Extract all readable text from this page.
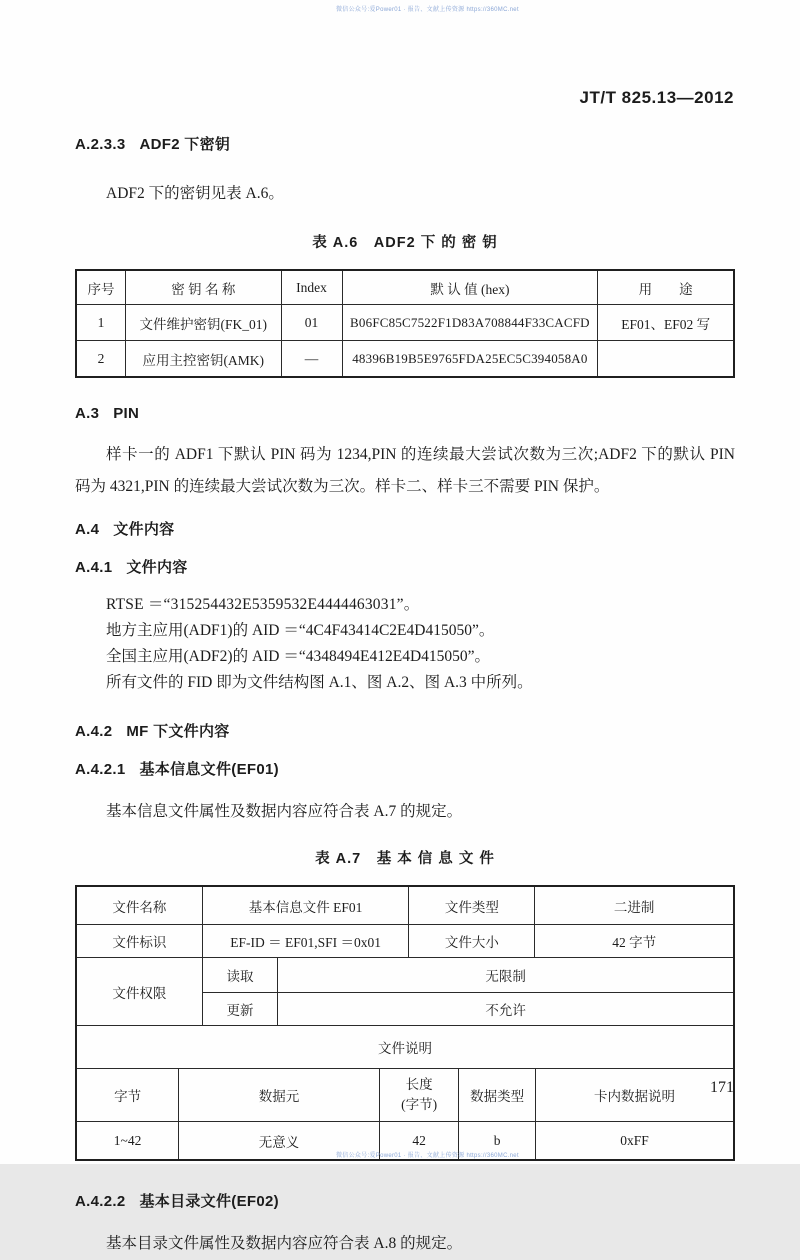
微信公众号:爱Power01 · 报告、文献上传资源 https://360MC.net
JT/T 825.13—2012
A.2.3.3 ADF2 下密钥

ADF2 下的密钥见表 A.6。

表 A.6　ADF2 下 的 密 钥
序号	密 钥 名 称	Index	默 认 值 (hex)	用　　途
1	文件维护密钥(FK_01)	01	B06FC85C7522F1D83A708844F33CACFD	EF01、EF02 写
2	应用主控密钥(AMK)	—	48396B19B5E9765FDA25EC5C394058A0	
A.3 PIN

样卡一的 ADF1 下默认 PIN 码为 1234,PIN 的连续最大尝试次数为三次;ADF2 下的默认 PIN 码为 4321,PIN 的连续最大尝试次数为三次。样卡二、样卡三不需要 PIN 保护。

A.4 文件内容
A.4.1 文件内容
RTSE ＝“315254432E5359532E4444463031”。
地方主应用(ADF1)的 AID ＝“4C4F43414C2E4D415050”。
全国主应用(ADF2)的 AID ＝“4348494E412E4D415050”。
所有文件的 FID 即为文件结构图 A.1、图 A.2、图 A.3 中所列。
A.4.2 MF 下文件内容
A.4.2.1 基本信息文件(EF01)

基本信息文件属性及数据内容应符合表 A.7 的规定。

表 A.7　基 本 信 息 文 件
文件名称	基本信息文件 EF01		文件类型	二进制
文件标识	EF-ID ＝ EF01,SFI ＝0x01		文件大小	42 字节
文件权限	读取	无限制		
	更新	不允许		
文件说明
字节	数据元	长度
(字节)	数据类型	卡内数据说明
1~42	无意义	42	b	0xFF
A.4.2.2 基本目录文件(EF02)

基本目录文件属性及数据内容应符合表 A.8 的规定。

171
微信公众号:爱Power01 · 报告、文献上传资源 https://360MC.net
